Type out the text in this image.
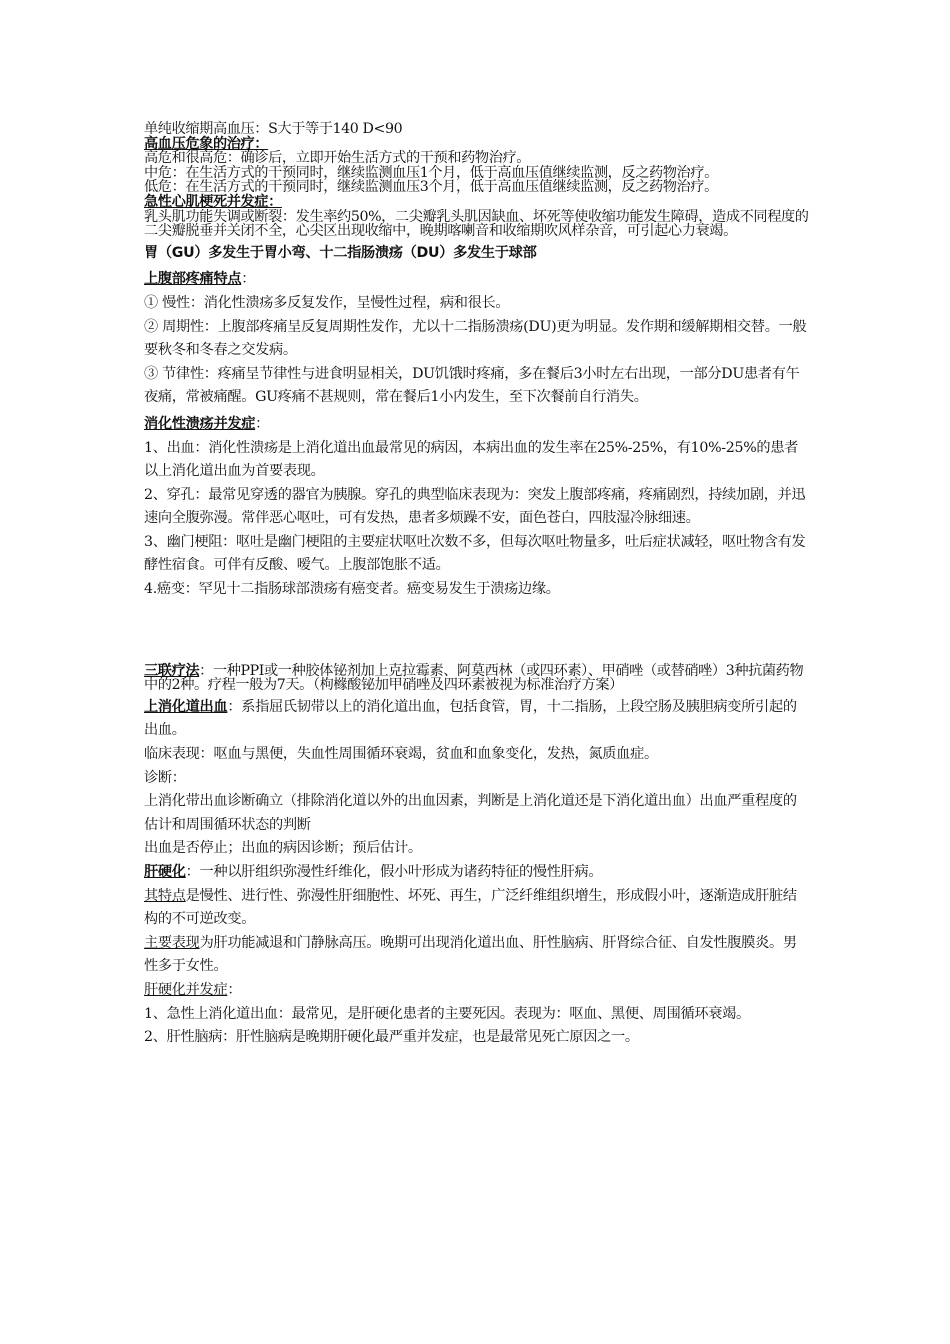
单纯收缩期高血压：S大于等于140 D<90

高血压危象的治疗：

高危和很高危：确诊后，立即开始生活方式的干预和药物治疗。

中危：在生活方式的干预同时，继续监测血压1个月，低于高血压值继续监测，反之药物治疗。

低危：在生活方式的干预同时，继续监测血压3个月，低于高血压值继续监测，反之药物治疗。

急性心肌梗死并发症：

乳头肌功能失调或断裂：发生率约50%，二尖瓣乳头肌因缺血、坏死等使收缩功能发生障碍，造成不同程度的二尖瓣脱垂并关闭不全，心尖区出现收缩中，晚期喀喇音和收缩期吹风样杂音，可引起心力衰竭。

胃（GU）多发生于胃小弯、十二指肠溃疡（DU）多发生于球部

上腹部疼痛特点：

① 慢性：消化性溃疡多反复发作，呈慢性过程，病和很长。

② 周期性：上腹部疼痛呈反复周期性发作，尤以十二指肠溃疡(DU)更为明显。发作期和缓解期相交替。一般要秋冬和冬春之交发病。

③ 节律性：疼痛呈节律性与进食明显相关，DU饥饿时疼痛，多在餐后3小时左右出现，一部分DU患者有午夜痛，常被痛醒。GU疼痛不甚规则，常在餐后1小内发生，至下次餐前自行消失。

消化性溃疡并发症：

1、出血：消化性溃疡是上消化道出血最常见的病因，本病出血的发生率在25%-25%，有10%-25%的患者以上消化道出血为首要表现。

2、穿孔：最常见穿透的器官为胰腺。穿孔的典型临床表现为：突发上腹部疼痛，疼痛剧烈，持续加剧，并迅速向全腹弥漫。常伴恶心呕吐，可有发热，患者多烦躁不安，面色苍白，四肢湿冷脉细速。

3、幽门梗阻：呕吐是幽门梗阻的主要症状呕吐次数不多，但每次呕吐物量多，吐后症状减轻，呕吐物含有发酵性宿食。可伴有反酸、嗳气。上腹部饱胀不适。

4.癌变：罕见十二指肠球部溃疡有癌变者。癌变易发生于溃疡边缘。

三联疗法：一种PPI或一种胶体铋剂加上克拉霉素、阿莫西林（或四环素）、甲硝唑（或替硝唑）3种抗菌药物中的2种。疗程一般为7天。（枸橼酸铋加甲硝唑及四环素被视为标准治疗方案）

上消化道出血：系指屈氏韧带以上的消化道出血，包括食管，胃，十二指肠，上段空肠及胰胆病变所引起的出血。

临床表现：呕血与黑便，失血性周围循环衰竭，贫血和血象变化，发热，氮质血症。

诊断：

上消化带出血诊断确立（排除消化道以外的出血因素，判断是上消化道还是下消化道出血）出血严重程度的估计和周围循环状态的判断

出血是否停止；出血的病因诊断；预后估计。

肝硬化：一种以肝组织弥漫性纤维化，假小叶形成为诸药特征的慢性肝病。

其特点是慢性、进行性、弥漫性肝细胞性、坏死、再生，广泛纤维组织增生，形成假小叶，逐渐造成肝脏结构的不可逆改变。

主要表现为肝功能减退和门静脉高压。晚期可出现消化道出血、肝性脑病、肝肾综合征、自发性腹膜炎。男性多于女性。

肝硬化并发症：

1、急性上消化道出血：最常见，是肝硬化患者的主要死因。表现为：呕血、黑便、周围循环衰竭。

2、肝性脑病：肝性脑病是晚期肝硬化最严重并发症，也是最常见死亡原因之一。
